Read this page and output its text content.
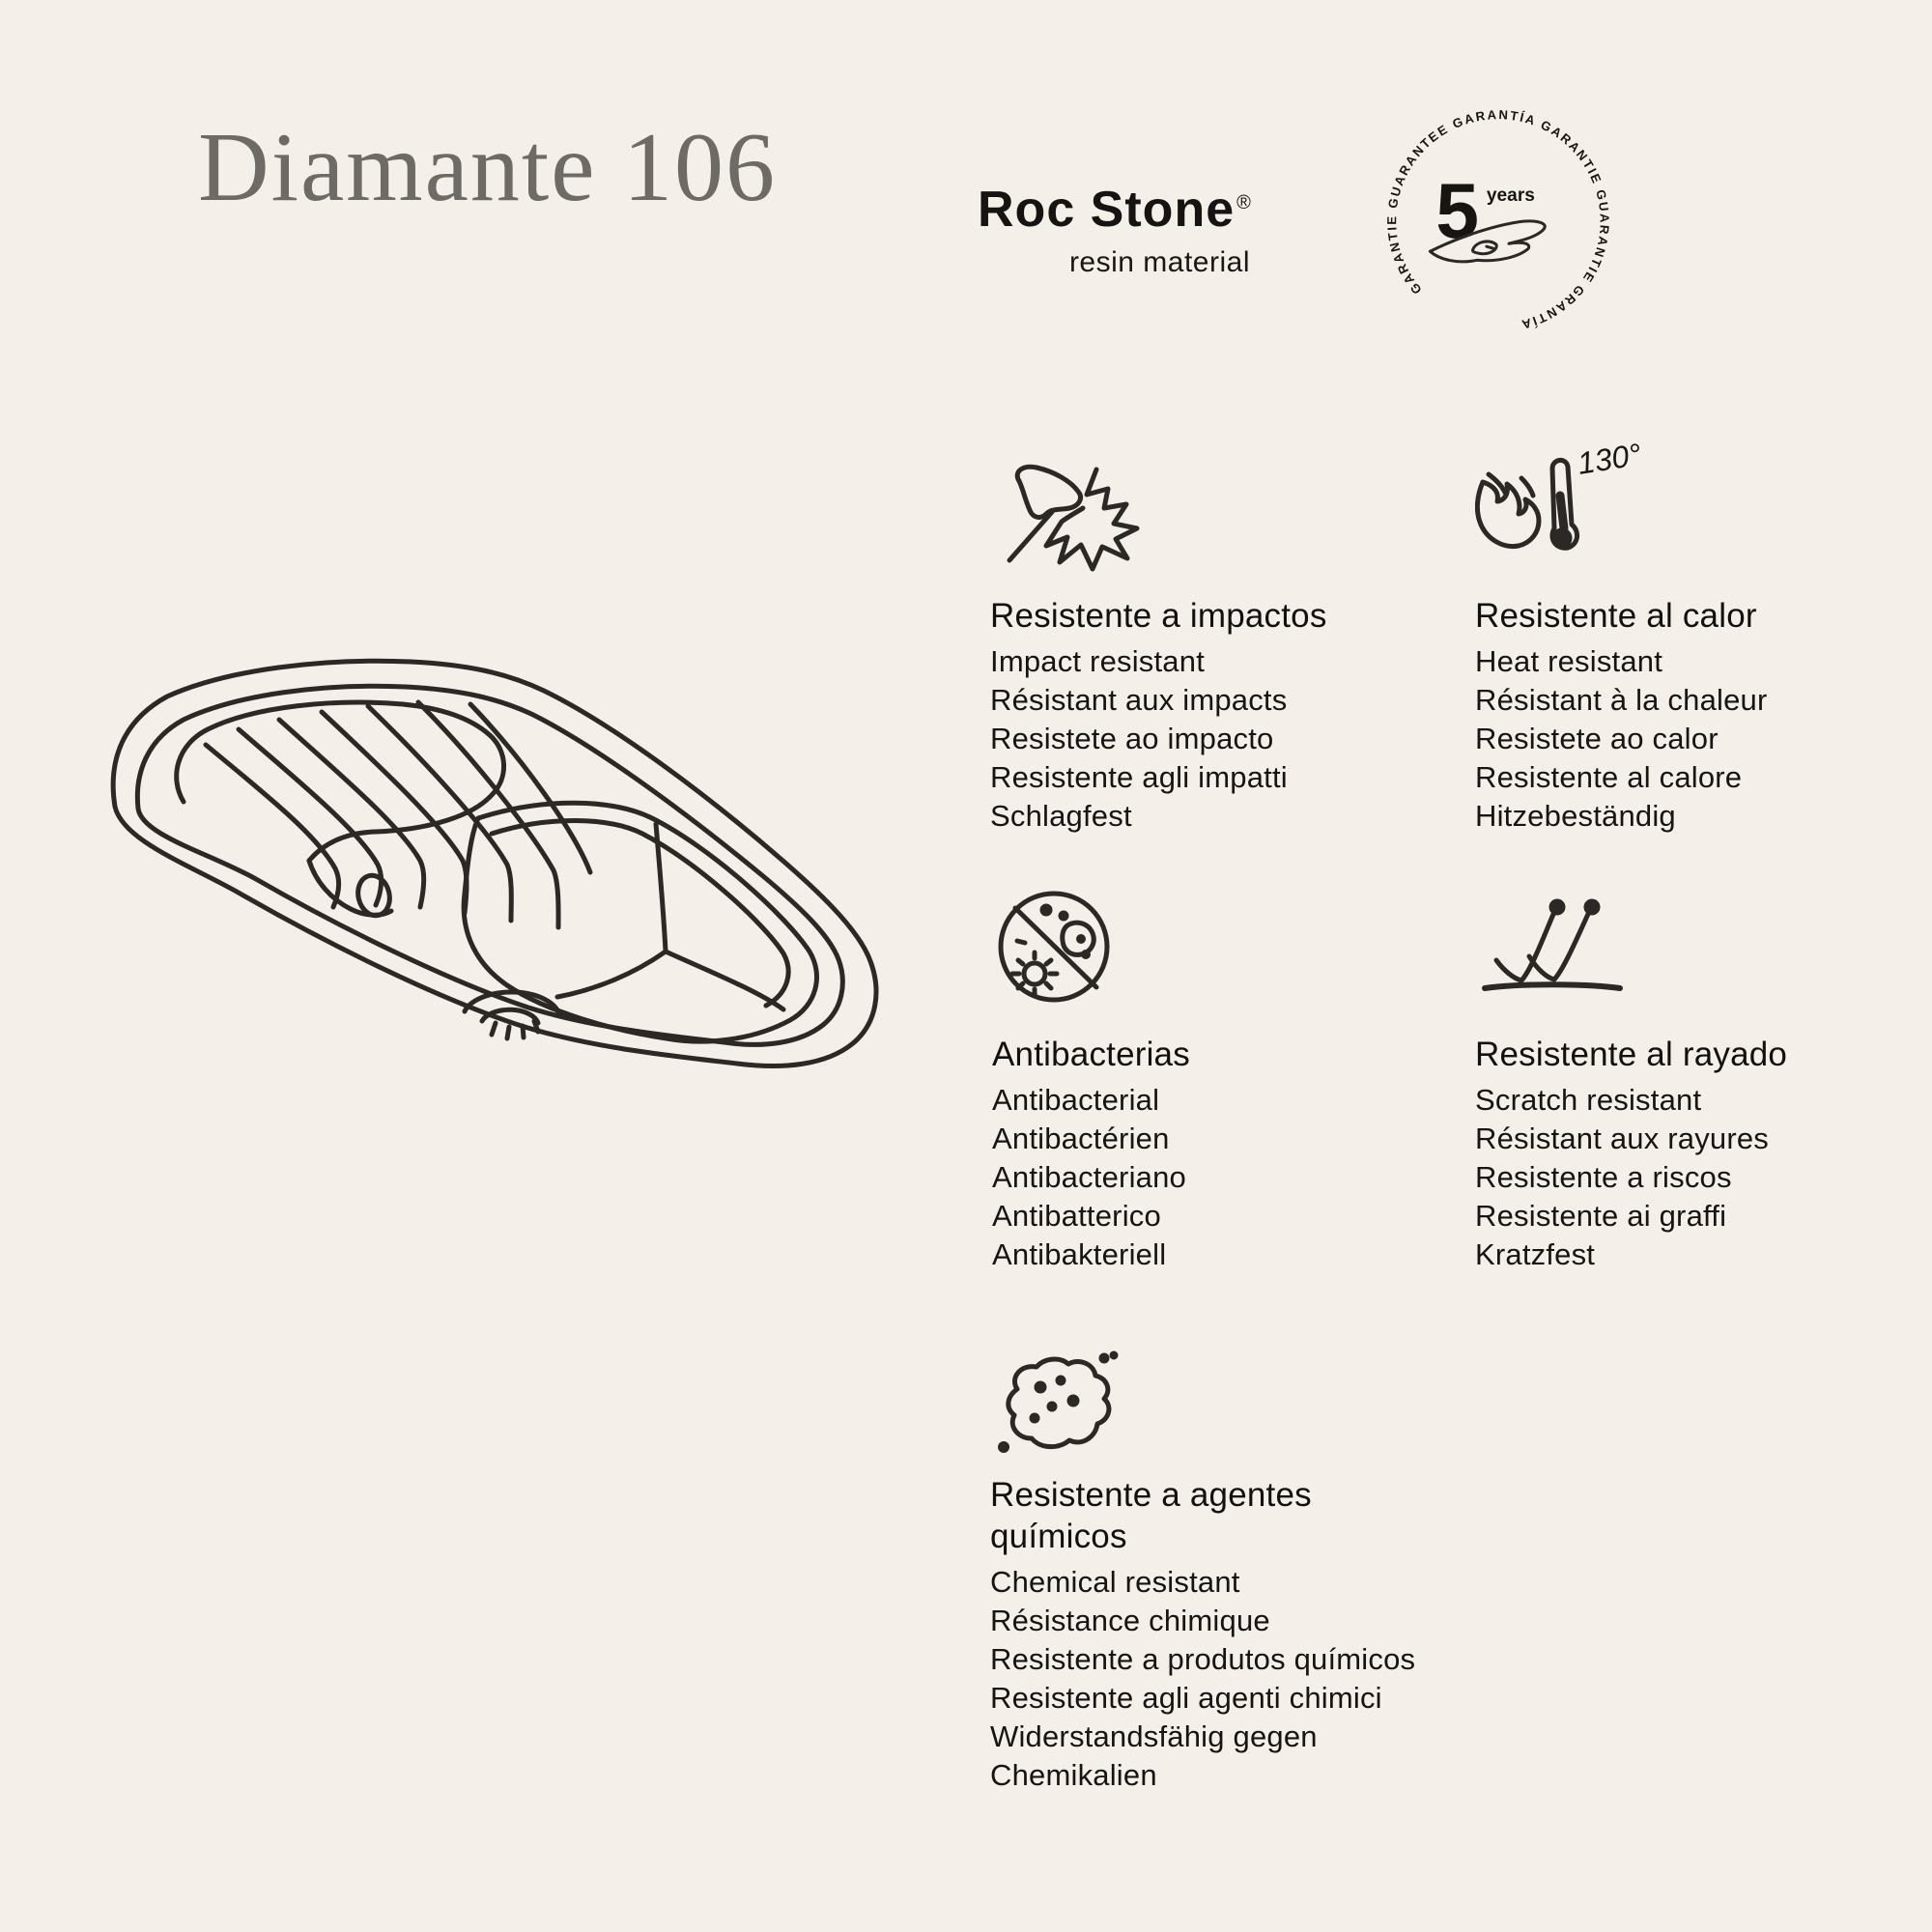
Diamante 106	Roc Stone ®
resin material
GARANTIE GUARANTEE GARANTÍA GARANTIE GUARANTIE GRANTÍA
5 years
Resistente a impactos
Impact resistant
Résistant aux impacts
Resistete ao impacto
Resistente agli impatti
Schlagfest
130°
Resistente al calor
Heat resistant
Résistant à la chaleur
Resistete ao calor
Resistente al calore
Hitzebeständig
Antibacterias
Antibacterial
Antibactérien
Antibacteriano
Antibatterico
Antibakteriell
Resistente al rayado
Scratch resistant
Résistant aux rayures
Resistente a riscos
Resistente ai graffi
Kratzfest
Resistente a agentes químicos
Chemical resistant
Résistance chimique
Resistente a produtos químicos
Resistente agli agenti chimici
Widerstandsfähig gegen Chemikalien
